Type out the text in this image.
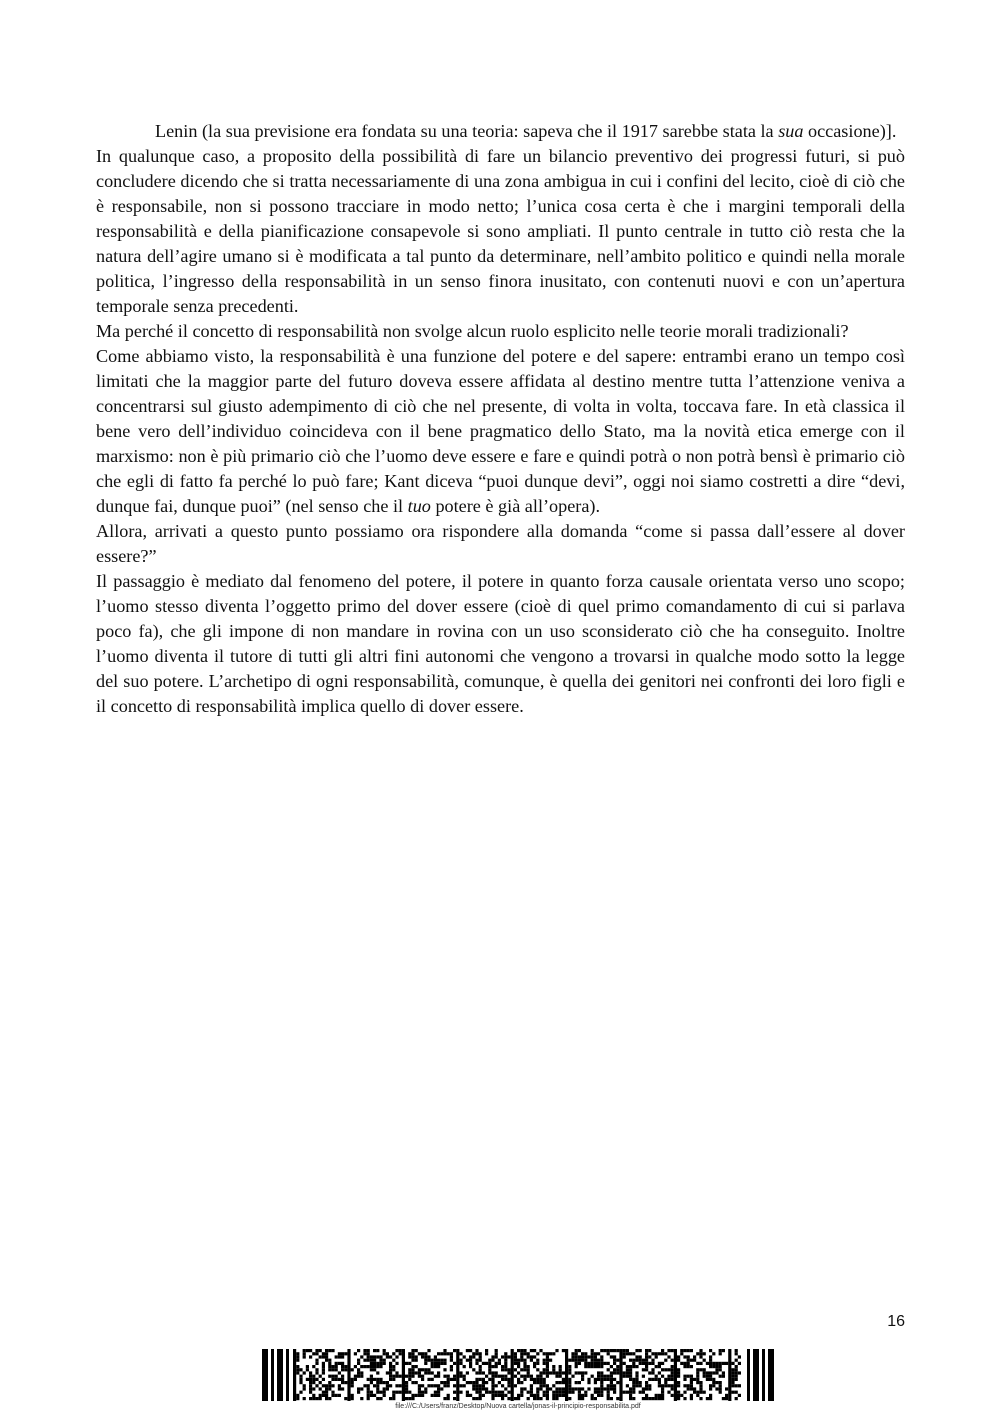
Lenin (la sua previsione era fondata su una teoria: sapeva che il 1917 sarebbe stata la sua occasione)].

In qualunque caso, a proposito della possibilità di fare un bilancio preventivo dei progressi futuri, si può concludere dicendo che si tratta necessariamente di una zona ambigua in cui i confini del lecito, cioè di ciò che è responsabile, non si possono tracciare in modo netto; l’unica cosa certa è che i margini temporali della responsabilità e della pianificazione consapevole si sono ampliati. Il punto centrale in tutto ciò resta che la natura dell’agire umano si è modificata a tal punto da determinare, nell’ambito politico e quindi nella morale politica, l’ingresso della responsabilità in un senso finora inusitato, con contenuti nuovi e con un’apertura temporale senza precedenti.

Ma perché il concetto di responsabilità non svolge alcun ruolo esplicito nelle teorie morali tradizionali?

Come abbiamo visto, la responsabilità è una funzione del potere e del sapere: entrambi erano un tempo così limitati che la maggior parte del futuro doveva essere affidata al destino mentre tutta l’attenzione veniva a concentrarsi sul giusto adempimento di ciò che nel presente, di volta in volta, toccava fare. In età classica il bene vero dell’individuo coincideva con il bene pragmatico dello Stato, ma la novità etica emerge con il marxismo: non è più primario ciò che l’uomo deve essere e fare e quindi potrà o non potrà bensì è primario ciò che egli di fatto fa perché lo può fare; Kant diceva “puoi dunque devi”, oggi noi siamo costretti a dire “devi, dunque fai, dunque puoi” (nel senso che il tuo potere è già all’opera).

Allora, arrivati a questo punto possiamo ora rispondere alla domanda “come si passa dall’essere al dover essere?”

Il passaggio è mediato dal fenomeno del potere, il potere in quanto forza causale orientata verso uno scopo; l’uomo stesso diventa l’oggetto primo del dover essere (cioè di quel primo comandamento di cui si parlava poco fa), che gli impone di non mandare in rovina con un uso sconsiderato ciò che ha conseguito. Inoltre l’uomo diventa il tutore di tutti gli altri fini autonomi che vengono a trovarsi in qualche modo sotto la legge del suo potere. L’archetipo di ogni responsabilità, comunque, è quella dei genitori nei confronti dei loro figli e il concetto di responsabilità implica quello di dover essere.

16
file:///C:/Users/franz/Desktop/Nuova cartella/jonas-il-principio-responsabilita.pdf
